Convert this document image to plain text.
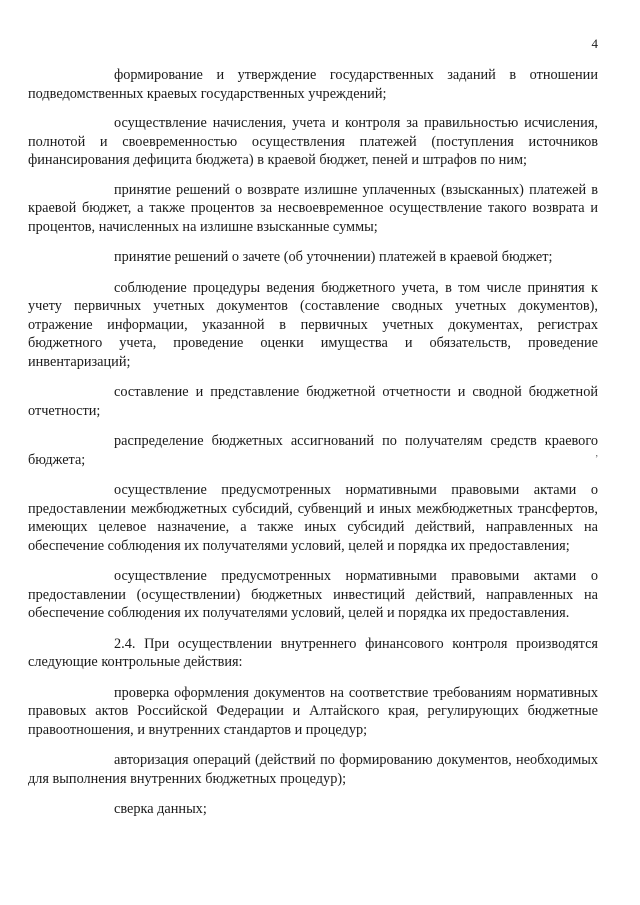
4
,

формирование и утверждение государственных заданий в отношении подведомственных краевых государственных учреждений;

осуществление начисления, учета и контроля за правильностью исчисления, полнотой и своевременностью осуществления платежей (поступления источников финансирования дефицита бюджета) в краевой бюджет, пеней и штрафов по ним;

принятие решений о возврате излишне уплаченных (взысканных) платежей в краевой бюджет, а также процентов за несвоевременное осуществление такого возврата и процентов, начисленных на излишне взысканные суммы;

принятие решений о зачете (об уточнении) платежей в краевой бюджет;

соблюдение процедуры ведения бюджетного учета, в том числе принятия к учету первичных учетных документов (составление сводных учетных документов), отражение информации, указанной в первичных учетных документах, регистрах бюджетного учета, проведение оценки имущества и обязательств, проведение инвентаризаций;

составление и представление бюджетной отчетности и сводной бюджетной отчетности;

распределение бюджетных ассигнований по получателям средств краевого бюджета;

осуществление предусмотренных нормативными правовыми актами о предоставлении межбюджетных субсидий, субвенций и иных межбюджетных трансфертов, имеющих целевое назначение, а также иных субсидий действий, направленных на обеспечение соблюдения их получателями условий, целей и порядка их предоставления;

осуществление предусмотренных нормативными правовыми актами о предоставлении (осуществлении) бюджетных инвестиций действий, направленных на обеспечение соблюдения их получателями условий, целей и порядка их предоставления.

2.4. При осуществлении внутреннего финансового контроля производятся следующие контрольные действия:

проверка оформления документов на соответствие требованиям нормативных правовых актов Российской Федерации и Алтайского края, регулирующих бюджетные правоотношения, и внутренних стандартов и процедур;

авторизация операций (действий по формированию документов, необходимых для выполнения внутренних бюджетных процедур);

сверка данных;
